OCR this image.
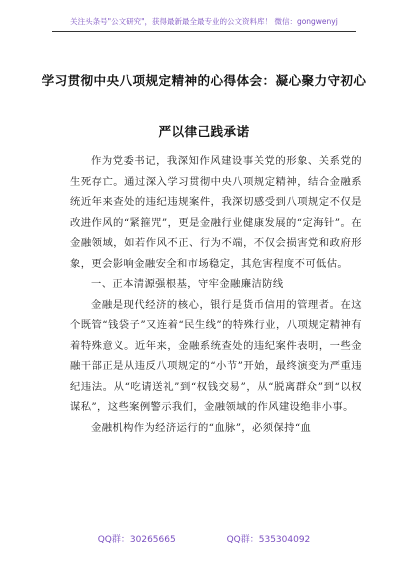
关注头条号"公文研究"，获得最新最全最专业的公文资料库！ 微信：gongwenyj
学习贯彻中央八项规定精神的心得体会：凝心聚力守初心
严以律己践承诺

作为党委书记，我深知作风建设事关党的形象、关系党的生死存亡。通过深入学习贯彻中央八项规定精神，结合金融系统近年来查处的违纪违规案件，我深切感受到八项规定不仅是改进作风的“紧箍咒”，更是金融行业健康发展的“定海针”。在金融领域，如若作风不正、行为不端，不仅会损害党和政府形象，更会影响金融安全和市场稳定，其危害程度不可低估。

一、正本清源强根基，守牢金融廉洁防线

金融是现代经济的核心，银行是货币信用的管理者。在这个既管“钱袋子”又连着“民生线”的特殊行业，八项规定精神有着特殊意义。近年来，金融系统查处的违纪案件表明，一些金融干部正是从违反八项规定的“小节”开始，最终演变为严重违纪违法。从“吃请送礼”到“权钱交易”，从“脱离群众”到“以权谋私”，这些案例警示我们，金融领域的作风建设绝非小事。

金融机构作为经济运行的“血脉”，必须保持“血

QQ群：30265665	QQ群：535304092
